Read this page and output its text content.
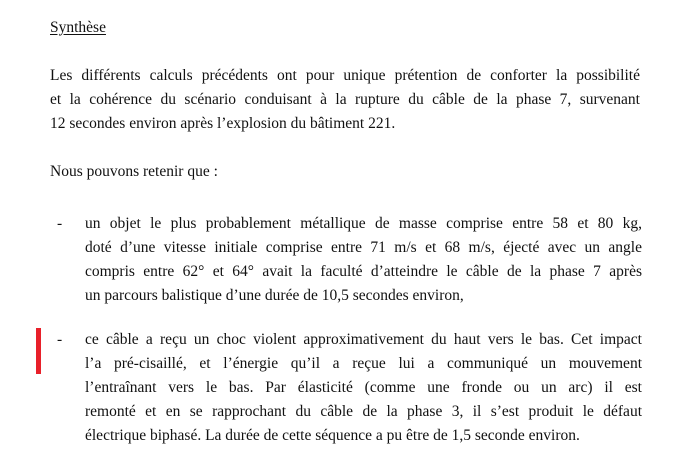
Synthèse

Les différents calculs précédents ont pour unique prétention de conforter la possibilité
et la cohérence du scénario conduisant à la rupture du câble de la phase 7, survenant
12 secondes environ après l’explosion du bâtiment 221.

Nous pouvons retenir que :

- un objet le plus probablement métallique de masse comprise entre 58 et 80 kg,
doté d’une vitesse initiale comprise entre 71 m/s et 68 m/s, éjecté avec un angle
compris entre 62° et 64° avait la faculté d’atteindre le câble de la phase 7 après
un parcours balistique d’une durée de 10,5 secondes environ,

- ce câble a reçu un choc violent approximativement du haut vers le bas. Cet impact
l’a pré-cisaillé, et l’énergie qu’il a reçue lui a communiqué un mouvement
l’entraînant vers le bas. Par élasticité (comme une fronde ou un arc) il est
remonté et en se rapprochant du câble de la phase 3, il s’est produit le défaut
électrique biphasé. La durée de cette séquence a pu être de 1,5 seconde environ.
